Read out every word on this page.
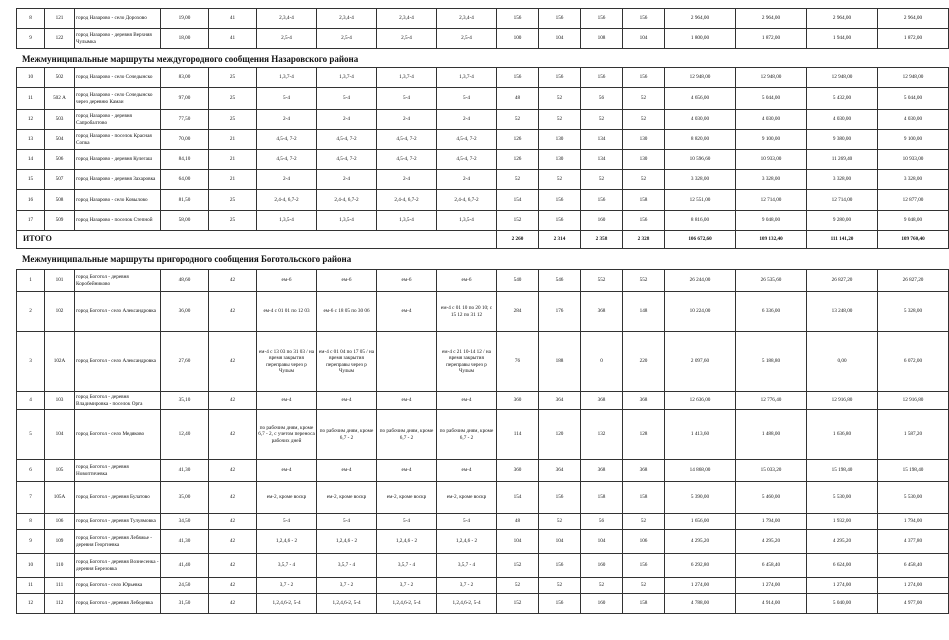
8	121	город Назарово - село Дорохово	19,00	41	2,3,4-4	2,3,4-4	2,3,4-4	2,3,4-4	156	156	156	156	2 964,00	2 964,00	2 964,00	2 964,00
9	122	город Назарово - деревня Верхняя Чулымка	18,00	41	2,5-4	2,5-4	2,5-4	2,5-4	100	104	108	104	1 800,00	1 872,00	1 944,00	1 872,00
Межмуниципальные маршруты междугородного сообщения Назаровского района
10	502	город Назарово - село Сочедынско	83,00	25	1,3,7-4	1,3,7-4	1,3,7-4	1,3,7-4	156	156	156	156	12 948,00	12 948,00	12 948,00	12 948,00
11	502 А	город Назарово - село Сочедынско через деревню Камаи	97,00	25	5-4	5-4	5-4	5-4	48	52	56	52	4 656,00	5 044,00	5 432,00	5 044,00
12	503	город Назарово - деревня Сапробалтово	77,50	25	2-4	2-4	2-4	2-4	52	52	52	52	4 030,00	4 030,00	4 030,00	4 030,00
13	504	город Назарово - поселок Красная Сопка	70,00	21	4,5-4, 7-2	4,5-4, 7-2	4,5-4, 7-2	4,5-4, 7-2	126	130	134	130	8 820,00	9 100,00	9 380,00	9 100,00
14	506	город Назарово - деревня Кулегаш	84,10	21	4,5-4, 7-2	4,5-4, 7-2	4,5-4, 7-2	4,5-4, 7-2	126	130	134	130	10 596,60	10 933,00	11 269,40	10 933,00
15	507	город Назарово - деревня Захаровка	64,00	21	2-4	2-4	2-4	2-4	52	52	52	52	3 328,00	3 328,00	3 328,00	3 328,00
16	508	город Назарово - село Ковылово	81,50	25	2,4-4, 6,7-2	2,4-4, 6,7-2	2,4-4, 6,7-2	2,4-4, 6,7-2	154	156	156	158	12 551,00	12 714,00	12 714,00	12 877,00
17	509	город Назарово - поселок Степной	58,00	25	1,3,5-4	1,3,5-4	1,3,5-4	1,3,5-4	152	156	160	156	8 816,00	9 048,00	9 280,00	9 048,00
ИТОГО									2 260	2 314	2 358	2 328	106 672,60	109 132,40	111 141,20	109 760,40
Межмуниципальные маршруты пригородного сообщения Боготольского района
1	101	город Боготол - деревня Коробейниково	48,60	42	ем-6	ем-6	ем-6	ем-6	540	546	552	552	26 244,00	26 535,60	26 827,20	26 827,20
2	102	город Боготол - село Александровка	36,00	42	ем-4 с 01 01 по 12 03	ем-6 с 18 05 по 30 06	ем-4	ем-4 с 01 10 по 20 10; с 15 12 по 31 12	284	176	368	148	10 224,00	6 336,00	13 248,00	5 328,00
3	102А	город Боготол - село Александровка	27,60	42	ем-4 с 13 03 по 31 03 / на время закрытия переправы через р Чулым	ем-4 с 01 04 по 17 05 / на время закрытия переправы через р Чулым		ем-4 с 21 10-14 12 / на время закрытия переправы через р Чулым	76	188	0	220	2 097,60	5 188,80	0,00	6 072,00
4	103	город Боготол - деревня Владимировка - поселок Орга	35,10	42	ем-4	ем-4	ем-4	ем-4	360	364	368	368	12 636,00	12 776,40	12 916,80	12 916,80
5	104	город Боготол - село Медяково	12,40	42	по рабочим дням, кроме 6,7 - 2, с учетом переноса рабочих дней	по рабочим дням, кроме 6,7 - 2	по рабочим дням, кроме 6,7 - 2	по рабочим дням, кроме 6,7 - 2	114	120	132	128	1 413,60	1 488,00	1 636,80	1 587,20
6	105	город Боготол - деревня Новоптичевка	41,30	42	ем-4	ем-4	ем-4	ем-4	360	364	368	368	14 868,00	15 033,20	15 198,40	15 198,40
7	105А	город Боготол - деревня Булатово	35,00	42	ем-2, кроме воскр	ем-2, кроме воскр	ем-2, кроме воскр	ем-2, кроме воскр	154	156	158	158	5 390,00	5 460,00	5 530,00	5 530,00
8	106	город Боготол - деревня Тулуямовка	34,50	42	5-4	5-4	5-4	5-4	48	52	56	52	1 656,00	1 794,00	1 932,00	1 794,00
9	109	город Боготол - деревня Лебяжье - деревня Георгиевка	41,30	42	1,2,4,6 - 2	1,2,4,6 - 2	1,2,4,6 - 2	1,2,4,6 - 2	104	104	104	106	4 295,20	4 295,20	4 295,20	4 377,80
10	110	город Боготол - деревня Вознесенка - деревня Березовка	41,40	42	3,5,7 - 4	3,5,7 - 4	3,5,7 - 4	3,5,7 - 4	152	156	160	156	6 292,80	6 458,40	6 624,00	6 458,40
11	111	город Боготол - село Юрьевка	24,50	42	3,7 - 2	3,7 - 2	3,7 - 2	3,7 - 2	52	52	52	52	1 274,00	1 274,00	1 274,00	1 274,00
12	112	город Боготол - деревня Лебедевка	31,50	42	1,2,4,6-2, 5-4	1,2,4,6-2, 5-4	1,2,4,6-2, 5-4	1,2,4,6-2, 5-4	152	156	160	158	4 788,00	4 914,00	5 040,00	4 977,00
